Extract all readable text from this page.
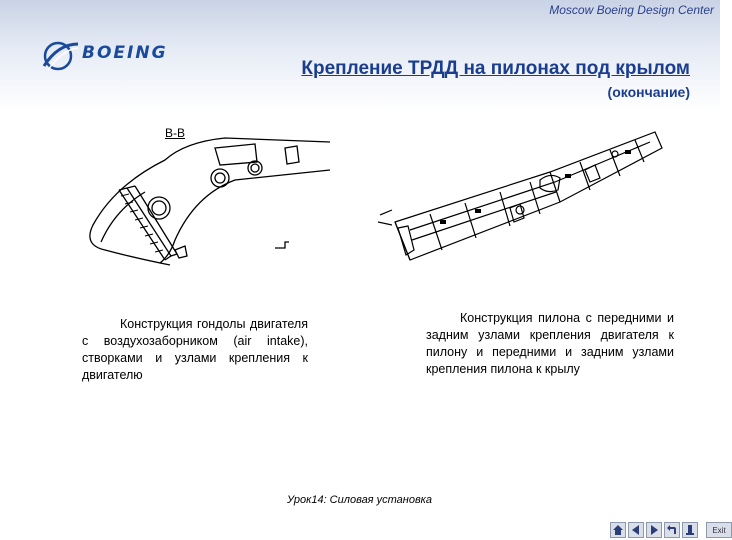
Moscow Boeing Design Center
BOEING
Крепление ТРДД на пилонах под крылом
(окончание)
B-B
Конструкция гондолы двигателя с воздухозаборником (air intake), створками и узлами крепления к двигателю
Конструкция пилона с передними и задним узлами крепления двигателя к пилону и передними и задним узлами крепления пилона к крылу
Урок14: Силовая установка
Exit
